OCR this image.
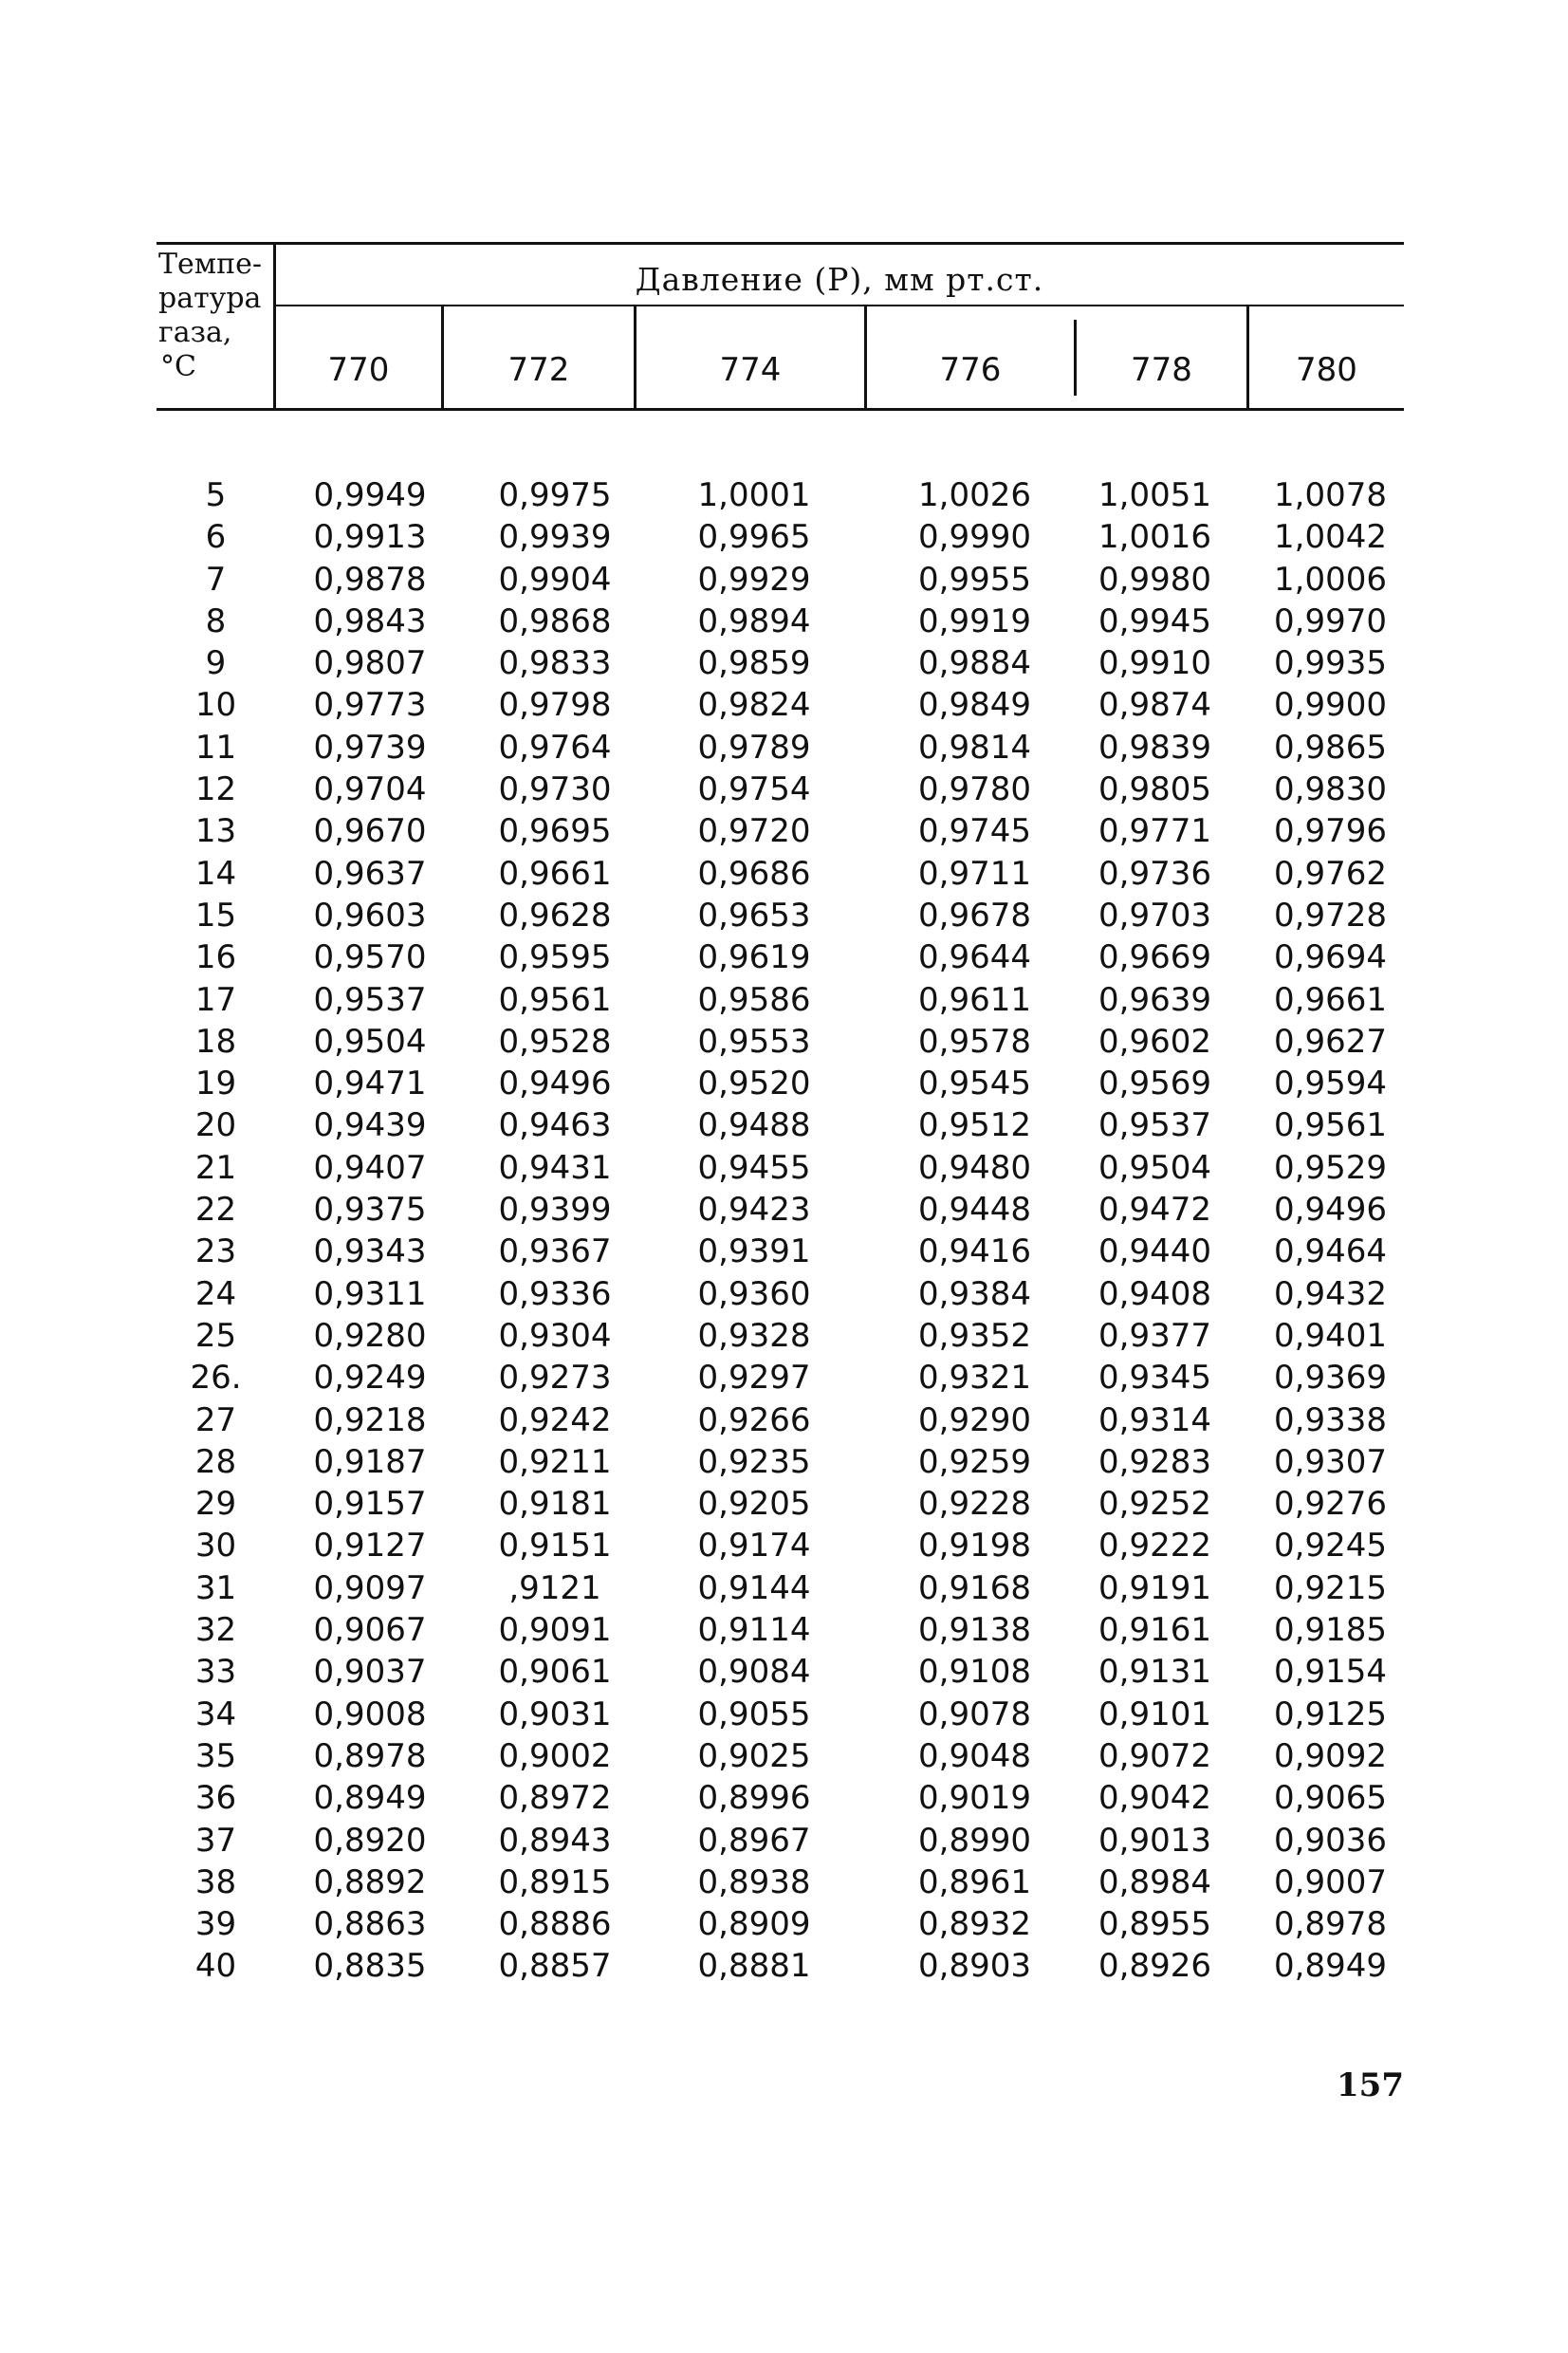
Темпе-
ратура
газа,
°C
Давление (Р), мм рт.ст.
770	772	774	776	778	780
5	0,9949	0,9975	1,0001	1,0026	1,0051	1,0078
6	0,9913	0,9939	0,9965	0,9990	1,0016	1,0042
7	0,9878	0,9904	0,9929	0,9955	0,9980	1,0006
8	0,9843	0,9868	0,9894	0,9919	0,9945	0,9970
9	0,9807	0,9833	0,9859	0,9884	0,9910	0,9935
10	0,9773	0,9798	0,9824	0,9849	0,9874	0,9900
11	0,9739	0,9764	0,9789	0,9814	0,9839	0,9865
12	0,9704	0,9730	0,9754	0,9780	0,9805	0,9830
13	0,9670	0,9695	0,9720	0,9745	0,9771	0,9796
14	0,9637	0,9661	0,9686	0,9711	0,9736	0,9762
15	0,9603	0,9628	0,9653	0,9678	0,9703	0,9728
16	0,9570	0,9595	0,9619	0,9644	0,9669	0,9694
17	0,9537	0,9561	0,9586	0,9611	0,9639	0,9661
18	0,9504	0,9528	0,9553	0,9578	0,9602	0,9627
19	0,9471	0,9496	0,9520	0,9545	0,9569	0,9594
20	0,9439	0,9463	0,9488	0,9512	0,9537	0,9561
21	0,9407	0,9431	0,9455	0,9480	0,9504	0,9529
22	0,9375	0,9399	0,9423	0,9448	0,9472	0,9496
23	0,9343	0,9367	0,9391	0,9416	0,9440	0,9464
24	0,9311	0,9336	0,9360	0,9384	0,9408	0,9432
25	0,9280	0,9304	0,9328	0,9352	0,9377	0,9401
26.	0,9249	0,9273	0,9297	0,9321	0,9345	0,9369
27	0,9218	0,9242	0,9266	0,9290	0,9314	0,9338
28	0,9187	0,9211	0,9235	0,9259	0,9283	0,9307
29	0,9157	0,9181	0,9205	0,9228	0,9252	0,9276
30	0,9127	0,9151	0,9174	0,9198	0,9222	0,9245
31	0,9097	,9121	0,9144	0,9168	0,9191	0,9215
32	0,9067	0,9091	0,9114	0,9138	0,9161	0,9185
33	0,9037	0,9061	0,9084	0,9108	0,9131	0,9154
34	0,9008	0,9031	0,9055	0,9078	0,9101	0,9125
35	0,8978	0,9002	0,9025	0,9048	0,9072	0,9092
36	0,8949	0,8972	0,8996	0,9019	0,9042	0,9065
37	0,8920	0,8943	0,8967	0,8990	0,9013	0,9036
38	0,8892	0,8915	0,8938	0,8961	0,8984	0,9007
39	0,8863	0,8886	0,8909	0,8932	0,8955	0,8978
40	0,8835	0,8857	0,8881	0,8903	0,8926	0,8949
157
